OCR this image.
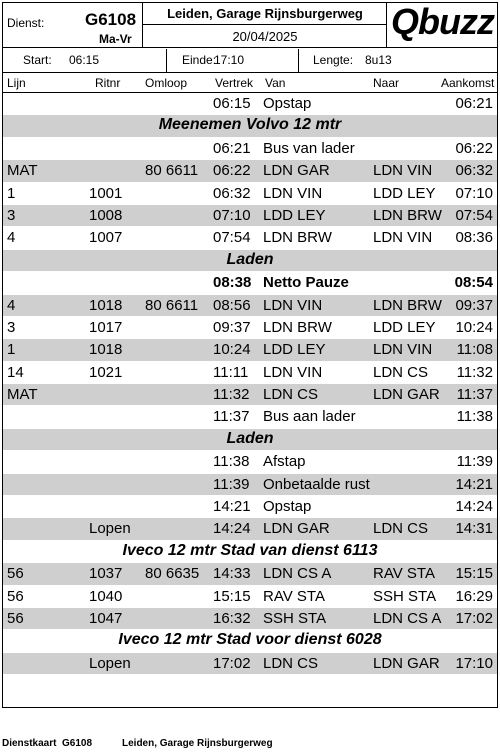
Dienst: G6108
Ma-Vr
Leiden, Garage Rijnsburgerweg
20/04/2025	Qbuzz
Start: 06:15	Einde:
17:10	Lengte: 8u13
Lijn	Ritnr Omloop Vertrek Van	Naar	Aankomst
06:15 Opstap	06:21
Meenemen Volvo 12 mtr
06:21 Bus van lader	06:22
MAT	80 6611 06:22 LDN GAR	LDN VIN 06:32
1	1001	06:32 LDN VIN	LDD LEY 07:10
3	1008	07:10 LDD LEY	LDN BRW 07:54
4	1007	07:54 LDN BRW	LDN VIN 08:36
Laden
08:38 Netto Pauze	08:54
4	1018 80 6611 08:56 LDN VIN	LDN BRW 09:37
3	1017	09:37 LDN BRW	LDD LEY 10:24
1	1018	10:24 LDD LEY	LDN VIN 11:08
14	1021	11:11 LDN VIN	LDN CS 11:32
MAT	11:32 LDN CS	LDN GAR 11:37
11:37 Bus aan lader	11:38
Laden
11:38 Afstap	11:39
11:39 Onbetaalde rust	14:21
14:21 Opstap	14:24
Lopen	14:24 LDN GAR	LDN CS 14:31
Iveco 12 mtr Stad van dienst 6113
56	1037 80 6635 14:33 LDN CS A	RAV STA 15:15
56	1040	15:15 RAV STA	SSH STA 16:29
56	1047	16:32 SSH STA	LDN CS A 17:02
Iveco 12 mtr Stad voor dienst 6028
Lopen	17:02 LDN CS	LDN GAR 17:10
Dienstkaart G6108	Leiden, Garage Rijnsburgerweg
